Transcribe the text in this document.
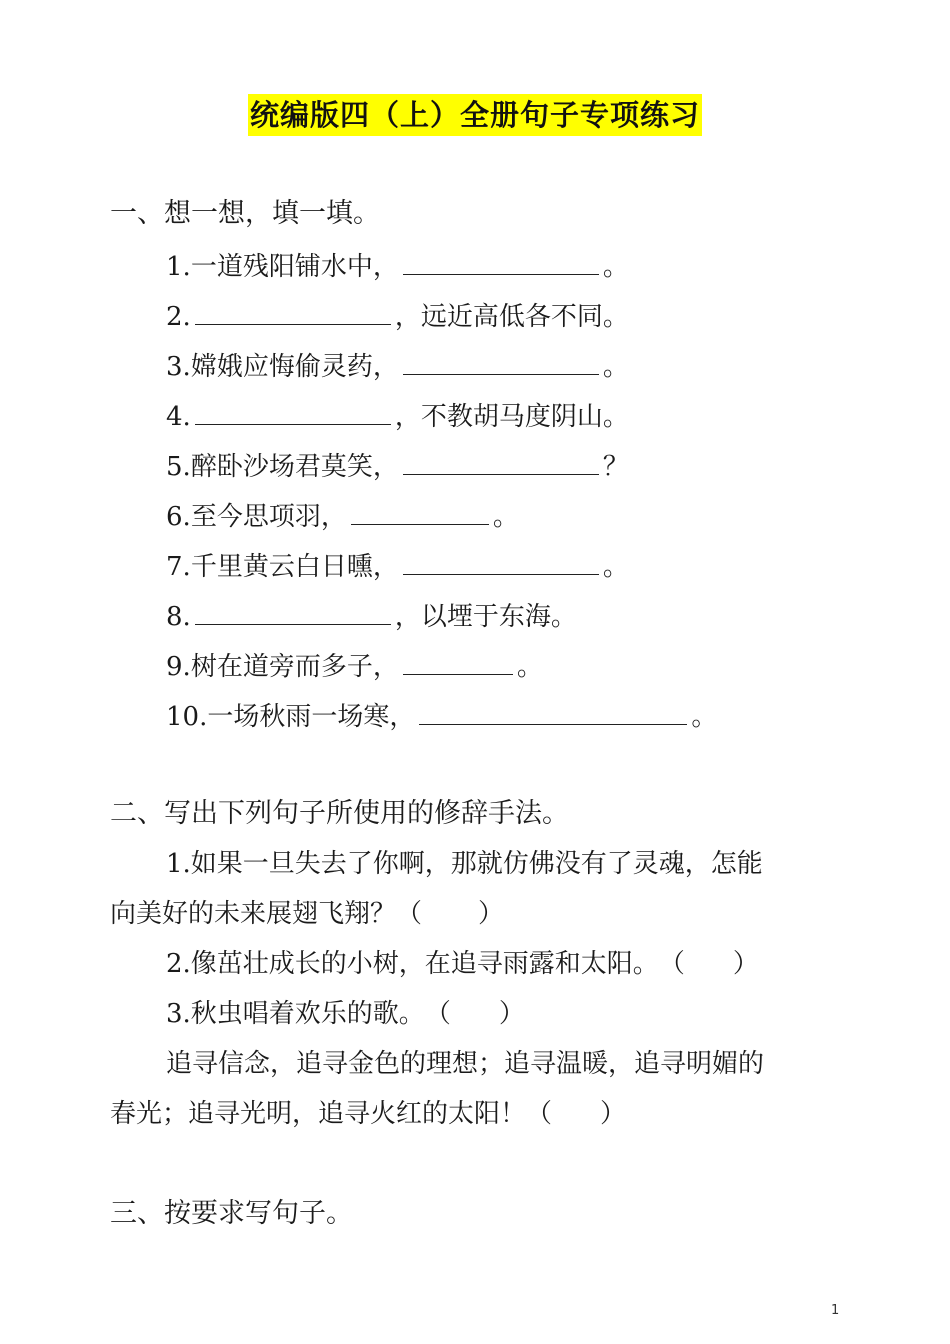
统编版四（上）全册句子专项练习
一、想一想，填一填。
1.一道残阳铺水中，	。
2.	，远近高低各不同。
3.嫦娥应悔偷灵药，	。
4.	，不教胡马度阴山。
5.醉卧沙场君莫笑，	？
6.至今思项羽，	。
7.千里黄云白日曛，	。
8.	，以堙于东海。
9.树在道旁而多子，	。
10.一场秋雨一场寒，	。
二、写出下列句子所使用的修辞手法。
1.如果一旦失去了你啊，那就仿佛没有了灵魂，怎能
向美好的未来展翅飞翔？（ ）
2.像茁壮成长的小树，在追寻雨露和太阳。（ ）
3.秋虫唱着欢乐的歌。（ ）
追寻信念，追寻金色的理想；追寻温暖，追寻明媚的
春光；追寻光明，追寻火红的太阳！（ ）
三、按要求写句子。
1
